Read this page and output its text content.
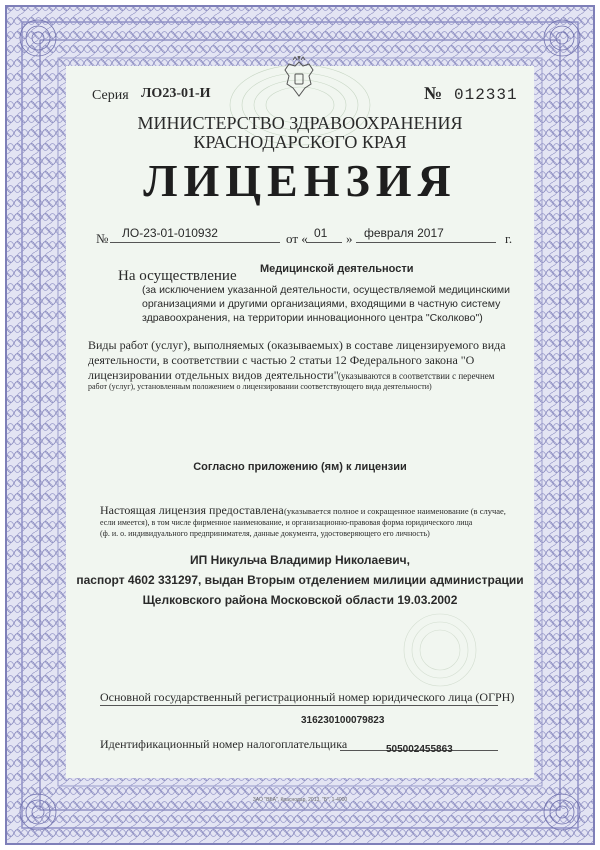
Серия ЛО23-01-И	№ 012331
МИНИСТЕРСТВО ЗДРАВООХРАНЕНИЯ
КРАСНОДАРСКОГО КРАЯ
ЛИЦЕНЗИЯ
№ ЛО-23-01-010932	от « 01 » февраля 2017	г.
Медицинской деятельности
На осуществление
(за исключением указанной деятельности, осуществляемой медицинскими
организациями и другими организациями, входящими в частную систему
здравоохранения, на территории инновационного центра "Сколково")
Виды работ (услуг), выполняемых (оказываемых) в составе лицензируемого вида
деятельности, в соответствии с частью 2 статьи 12 Федерального закона "О
лицензировании отдельных видов деятельности" (указываются в соответствии с перечнем
работ (услуг), установленным положением о лицензировании соответствующего вида деятельности)
Согласно приложению (ям) к лицензии
Настоящая лицензия предоставлена (указывается полное и сокращенное наименование (в случае,
если имеется), в том числе фирменное наименование, и организационно-правовая форма юридического лица
(ф. и. о. индивидуального предпринимателя, данные документа, удостоверяющего его личность)
ИП Никульча Владимир Николаевич,
паспорт 4602 331297, выдан Вторым отделением милиции администрации
Щелковского района Московской области 19.03.2002
Основной государственный регистрационный номер юридического лица (ОГРН)
316230100079823
Идентификационный номер налогоплательщика	505002455863
ЗАО "ВБА", Краснодар, 2013, "Б", 1-4000
